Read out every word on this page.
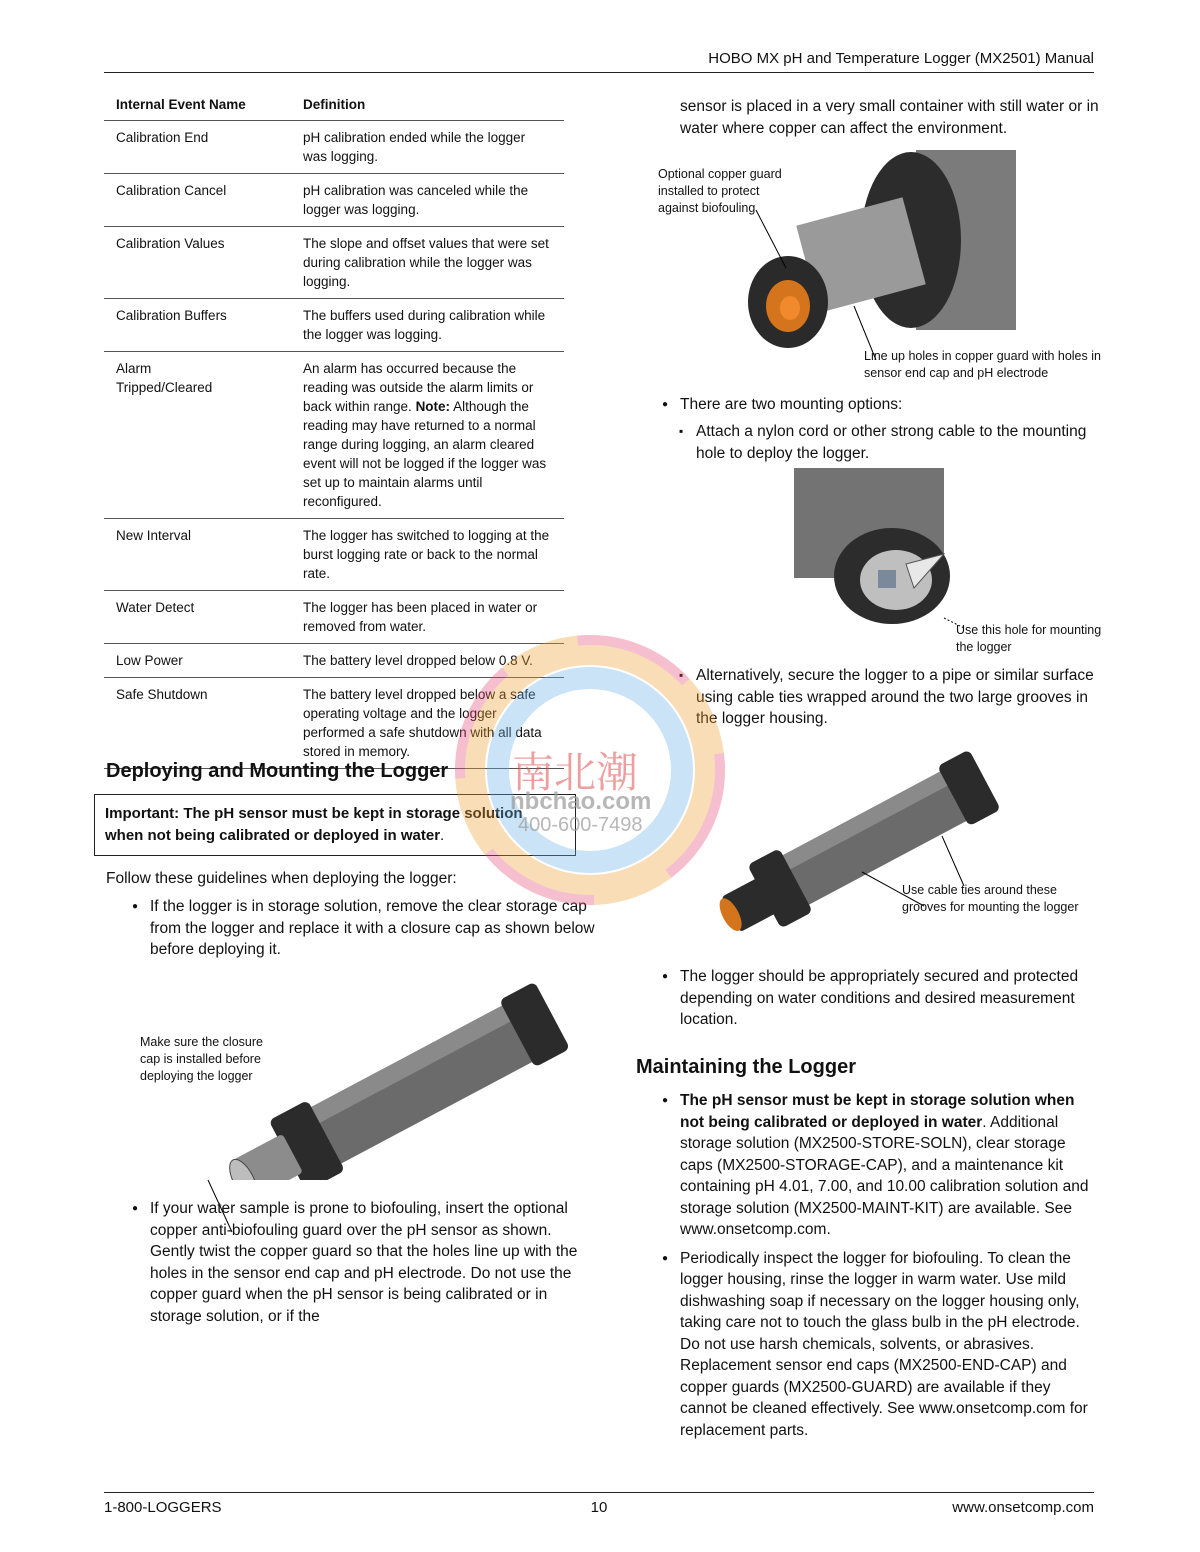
HOBO MX pH and Temperature Logger (MX2501) Manual
Internal Event Name	Definition
Calibration End	pH calibration ended while the logger was logging.
Calibration Cancel	pH calibration was canceled while the logger was logging.
Calibration Values	The slope and offset values that were set during calibration while the logger was logging.
Calibration Buffers	The buffers used during calibration while the logger was logging.
Alarm Tripped/Cleared	An alarm has occurred because the reading was outside the alarm limits or back within range. Note: Although the reading may have returned to a normal range during logging, an alarm cleared event will not be logged if the logger was set up to maintain alarms until reconfigured.
New Interval	The logger has switched to logging at the burst logging rate or back to the normal rate.
Water Detect	The logger has been placed in water or removed from water.
Low Power	The battery level dropped below 0.8 V.
Safe Shutdown	The battery level dropped below a safe operating voltage and the logger performed a safe shutdown with all data stored in memory.
Deploying and Mounting the Logger
Important: The pH sensor must be kept in storage solution when not being calibrated or deployed in water.
Follow these guidelines when deploying the logger:
● If the logger is in storage solution, remove the clear storage cap from the logger and replace it with a closure cap as shown below before deploying it.
Make sure the closure cap is installed before deploying the logger
● If your water sample is prone to biofouling, insert the optional copper anti-biofouling guard over the pH sensor as shown. Gently twist the copper guard so that the holes line up with the holes in the sensor end cap and pH electrode. Do not use the copper guard when the pH sensor is being calibrated or in storage solution, or if the
sensor is placed in a very small container with still water or in water where copper can affect the environment.
Optional copper guard installed to protect against biofouling
Line up holes in copper guard with holes in sensor end cap and pH electrode
● There are two mounting options:
▪ Attach a nylon cord or other strong cable to the mounting hole to deploy the logger.
Use this hole for mounting the logger
▪ Alternatively, secure the logger to a pipe or similar surface using cable ties wrapped around the two large grooves in the logger housing.
Use cable ties around these grooves for mounting the logger
● The logger should be appropriately secured and protected depending on water conditions and desired measurement location.
Maintaining the Logger
● The pH sensor must be kept in storage solution when not being calibrated or deployed in water. Additional storage solution (MX2500-STORE-SOLN), clear storage caps (MX2500-STORAGE-CAP), and a maintenance kit containing pH 4.01, 7.00, and 10.00 calibration solution and storage solution (MX2500-MAINT-KIT) are available. See www.onsetcomp.com.
● Periodically inspect the logger for biofouling. To clean the logger housing, rinse the logger in warm water. Use mild dishwashing soap if necessary on the logger housing only, taking care not to touch the glass bulb in the pH electrode. Do not use harsh chemicals, solvents, or abrasives. Replacement sensor end caps (MX2500-END-CAP) and copper guards (MX2500-GUARD) are available if they cannot be cleaned effectively. See www.onsetcomp.com for replacement parts.
南北潮
nbchao.com
400-600-7498
1-800-LOGGERS	10	www.onsetcomp.com
